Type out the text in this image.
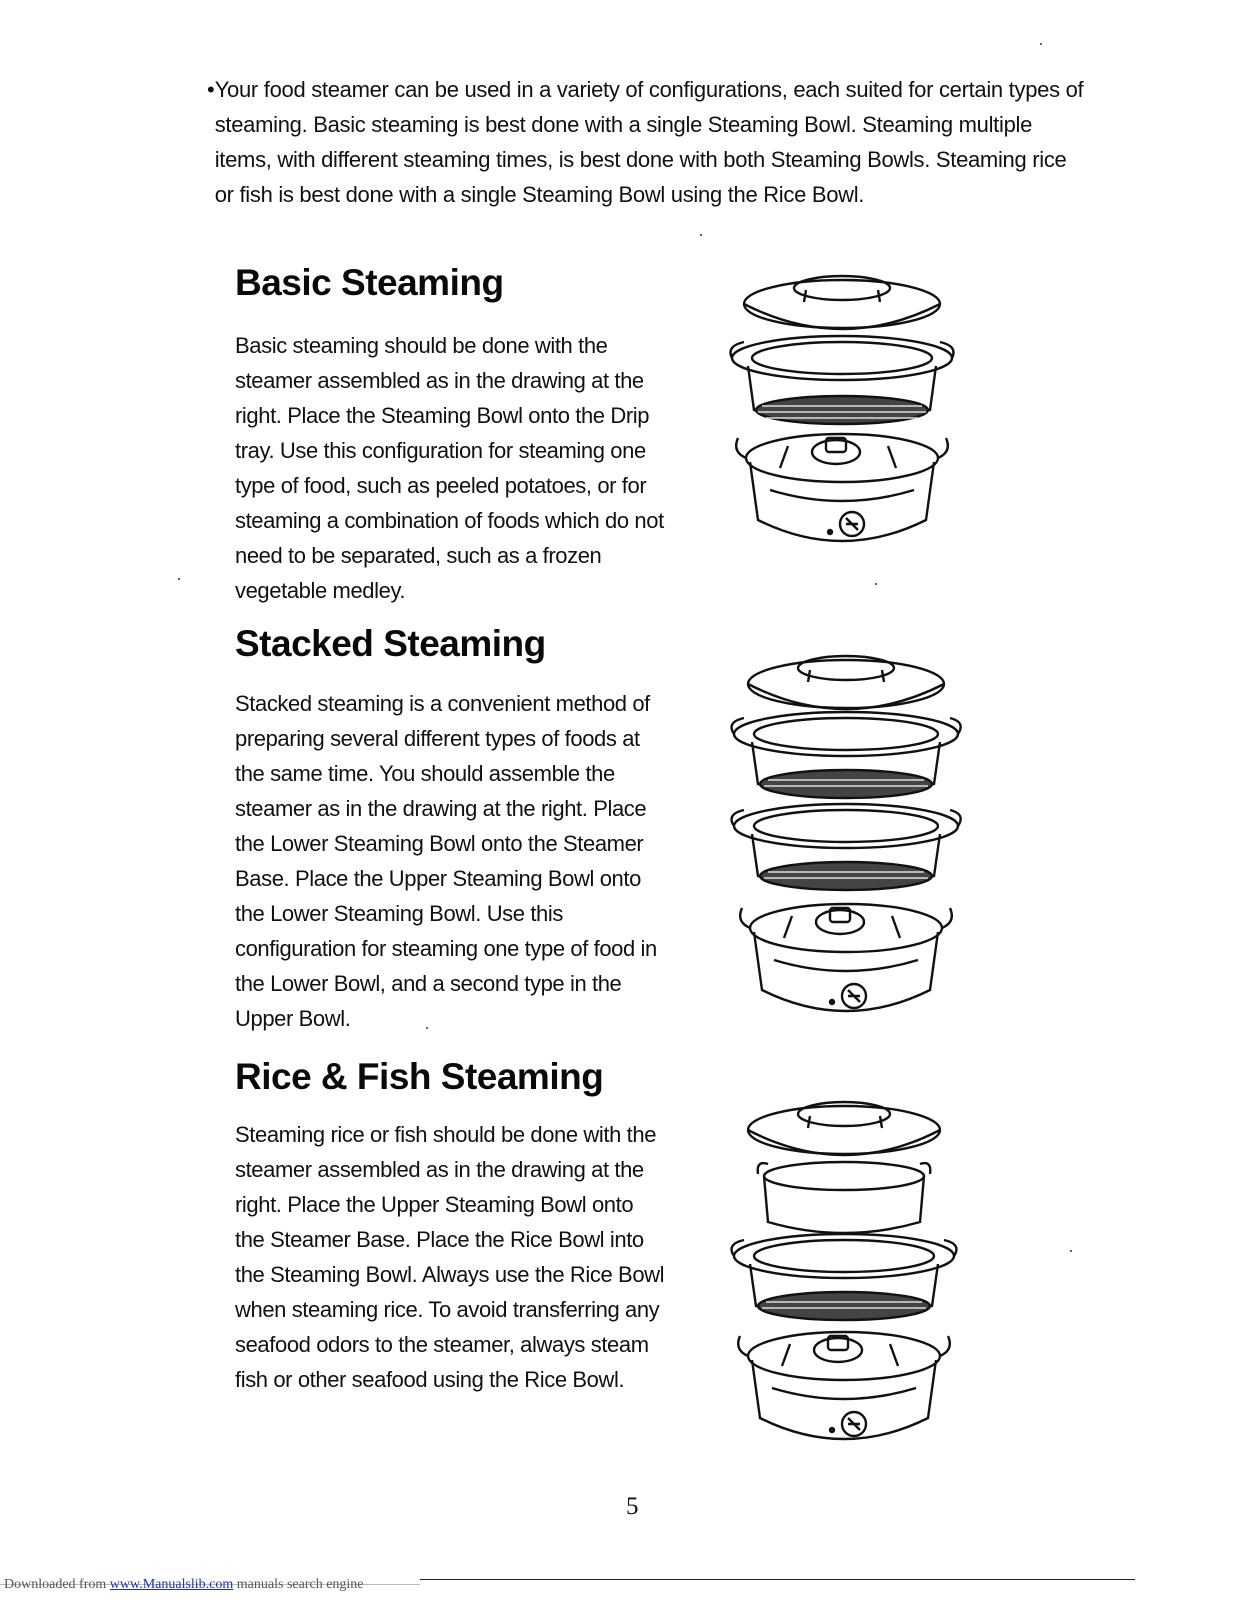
• Your food steamer can be used in a variety of configurations, each suited for certain types of steaming. Basic steaming is best done with a single Steaming Bowl. Steaming multiple items, with different steaming times, is best done with both Steaming Bowls. Steaming rice or fish is best done with a single Steaming Bowl using the Rice Bowl.
Basic Steaming

Basic steaming should be done with the steamer assembled as in the drawing at the right. Place the Steaming Bowl onto the Drip tray. Use this configuration for steaming one type of food, such as peeled potatoes, or for steaming a combination of foods which do not need to be separated, such as a frozen vegetable medley.

Stacked Steaming

Stacked steaming is a convenient method of preparing several different types of foods at the same time. You should assemble the steamer as in the drawing at the right. Place the Lower Steaming Bowl onto the Steamer Base. Place the Upper Steaming Bowl onto the Lower Steaming Bowl. Use this configuration for steaming one type of food in the Lower Bowl, and a second type in the Upper Bowl.

Rice & Fish Steaming

Steaming rice or fish should be done with the steamer assembled as in the drawing at the right. Place the Upper Steaming Bowl onto the Steamer Base. Place the Rice Bowl into the Steaming Bowl. Always use the Rice Bowl when steaming rice. To avoid transferring any seafood odors to the steamer, always steam fish or other seafood using the Rice Bowl.

5
Downloaded from www.Manualslib.com manuals search engine
